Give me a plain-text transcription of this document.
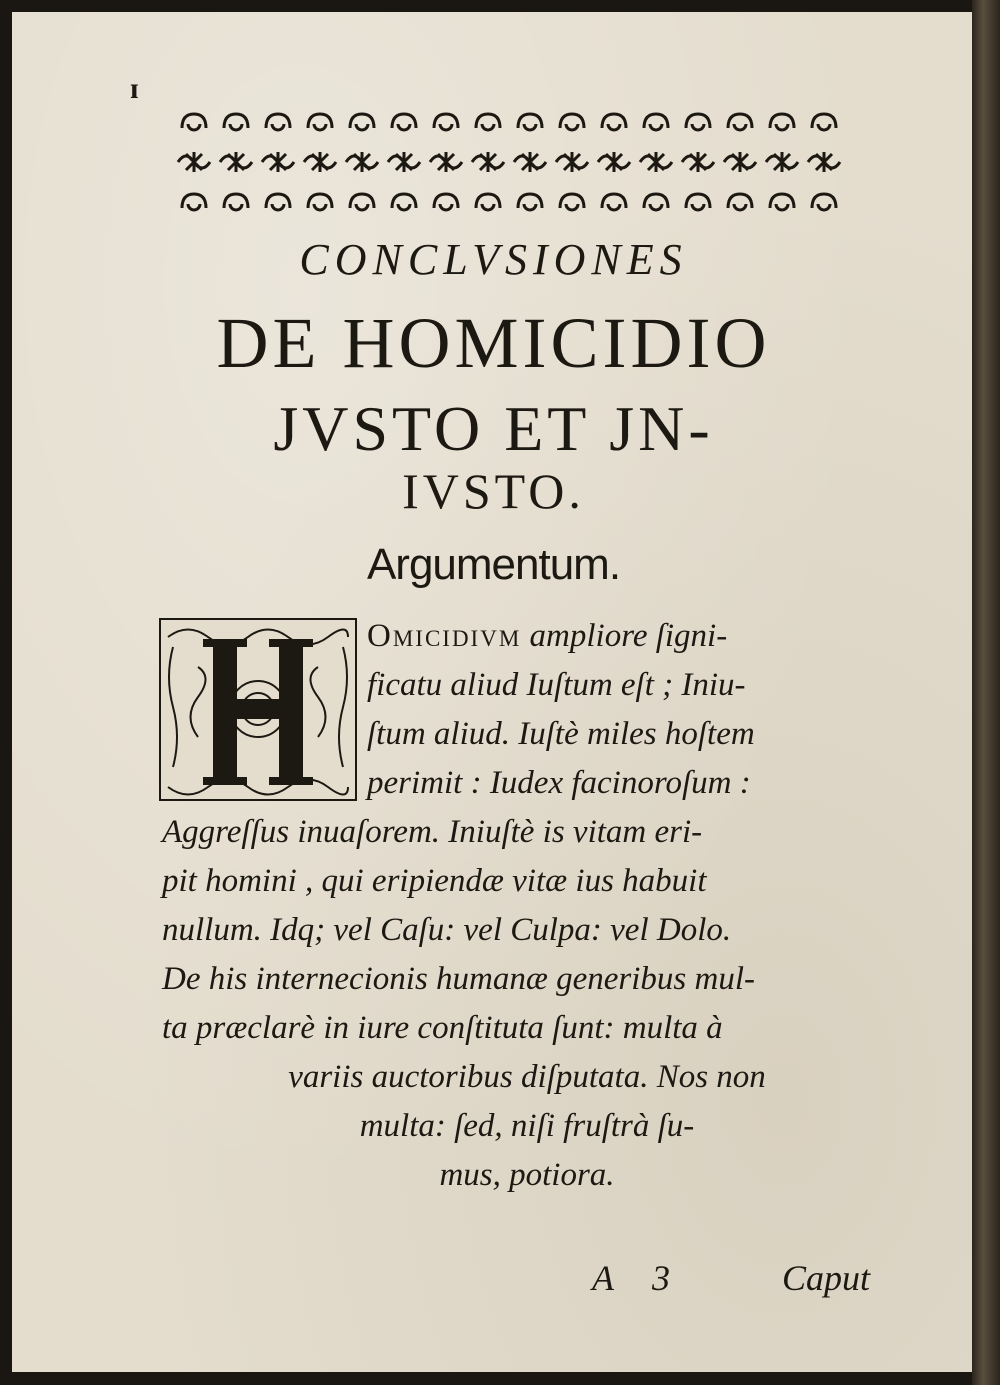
ɪ
CONCLVSIONES
DE HOMICIDIO
JVSTO ET JN-
IVSTO.
Argumentum.
Omicidivm ampliore ſigni-
ficatu aliud Iuſtum eſt ; Iniu-
ſtum aliud. Iuſtè miles hoſtem
perimit : Iudex facinoroſum :
Aggreſſus inuaſorem. Iniuſtè is vitam eri-
pit homini , qui eripiendæ vitæ ius habuit
nullum. Idq; vel Caſu: vel Culpa: vel Dolo.
De his internecionis humanæ generibus mul-
ta præclarè in iure conſtituta ſunt: multa à
variis auctoribus diſputata. Nos non
multa: ſed, niſi fruſtrà ſu-
mus, potiora.
A 3	Caput
